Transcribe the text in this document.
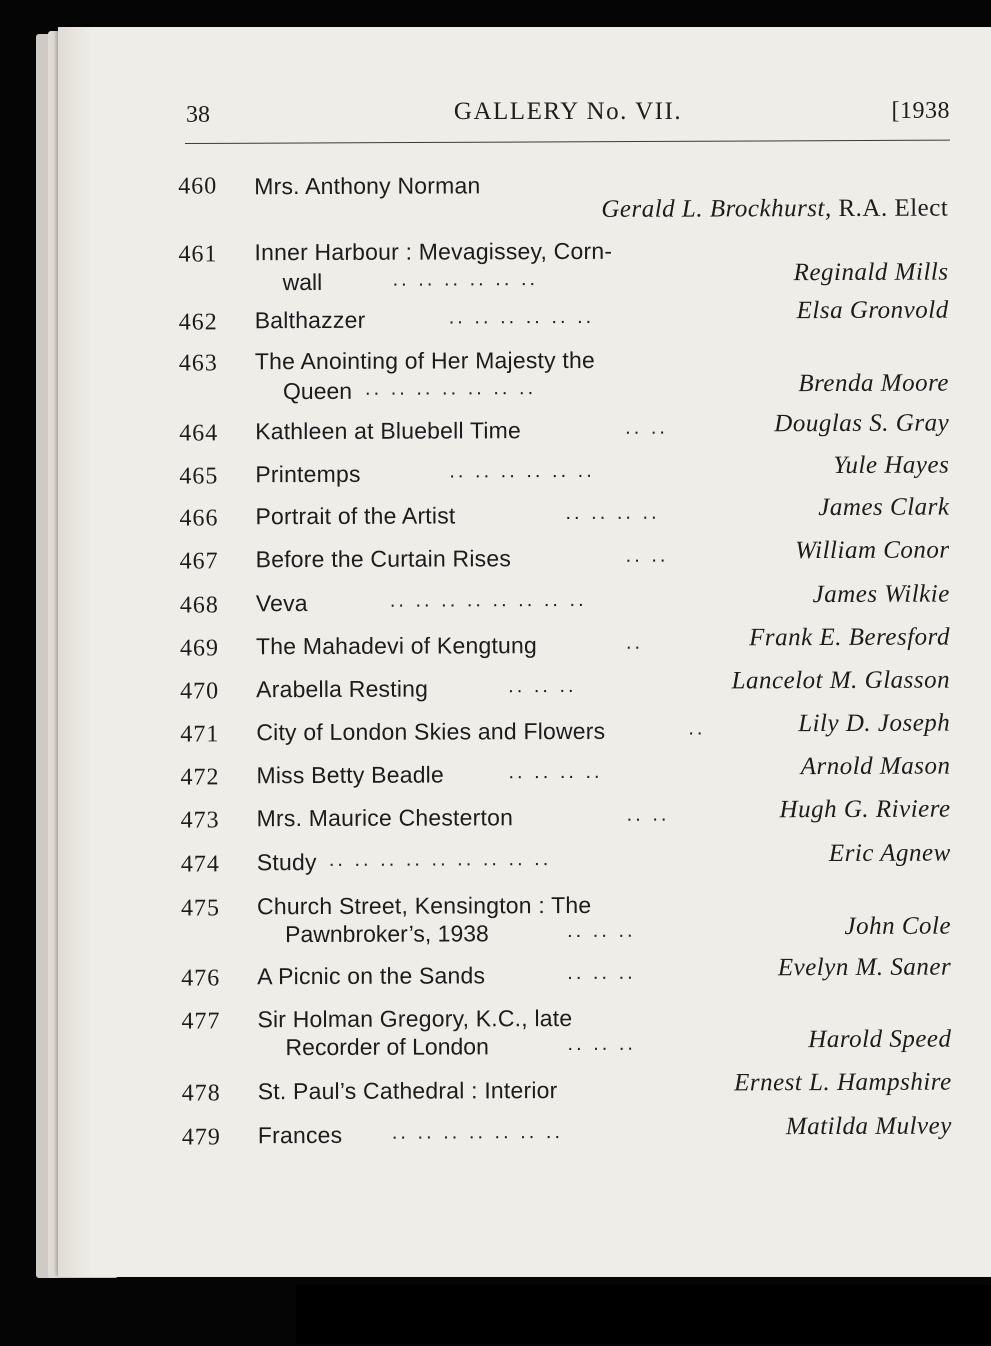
38	GALLERY No. VII.	[1938
460 Mrs. Anthony Norman
Gerald L. Brockhurst, R.A. Elect
461 Inner Harbour : Mevagissey, Corn-
wall	.. .. .. .. .. ..	Reginald Mills
462 Balthazzer	.. .. .. .. .. ..	Elsa Gronvold
463 The Anointing of Her Majesty the
Queen .. .. .. .. .. .. ..	Brenda Moore
464 Kathleen at Bluebell Time	.. ..	Douglas S. Gray
465 Printemps	.. .. .. .. .. ..	Yule Hayes
466 Portrait of the Artist	.. .. .. ..	James Clark
467 Before the Curtain Rises	.. ..	William Conor
468 Veva	.. .. .. .. .. .. .. ..	James Wilkie
469 The Mahadevi of Kengtung	..	Frank E. Beresford
470 Arabella Resting	.. .. ..	Lancelot M. Glasson
471 City of London Skies and Flowers	..	Lily D. Joseph
472 Miss Betty Beadle	.. .. .. ..	Arnold Mason
473 Mrs. Maurice Chesterton	.. ..	Hugh G. Riviere
474 Study .. .. .. .. .. .. .. .. ..	Eric Agnew
475 Church Street, Kensington : The
Pawnbroker’s, 1938	.. .. ..	John Cole
476 A Picnic on the Sands	.. .. ..	Evelyn M. Saner
477 Sir Holman Gregory, K.C., late
Recorder of London	.. .. ..	Harold Speed
478 St. Paul’s Cathedral : Interior	Ernest L. Hampshire
479 Frances .. .. .. .. .. .. ..	Matilda Mulvey
